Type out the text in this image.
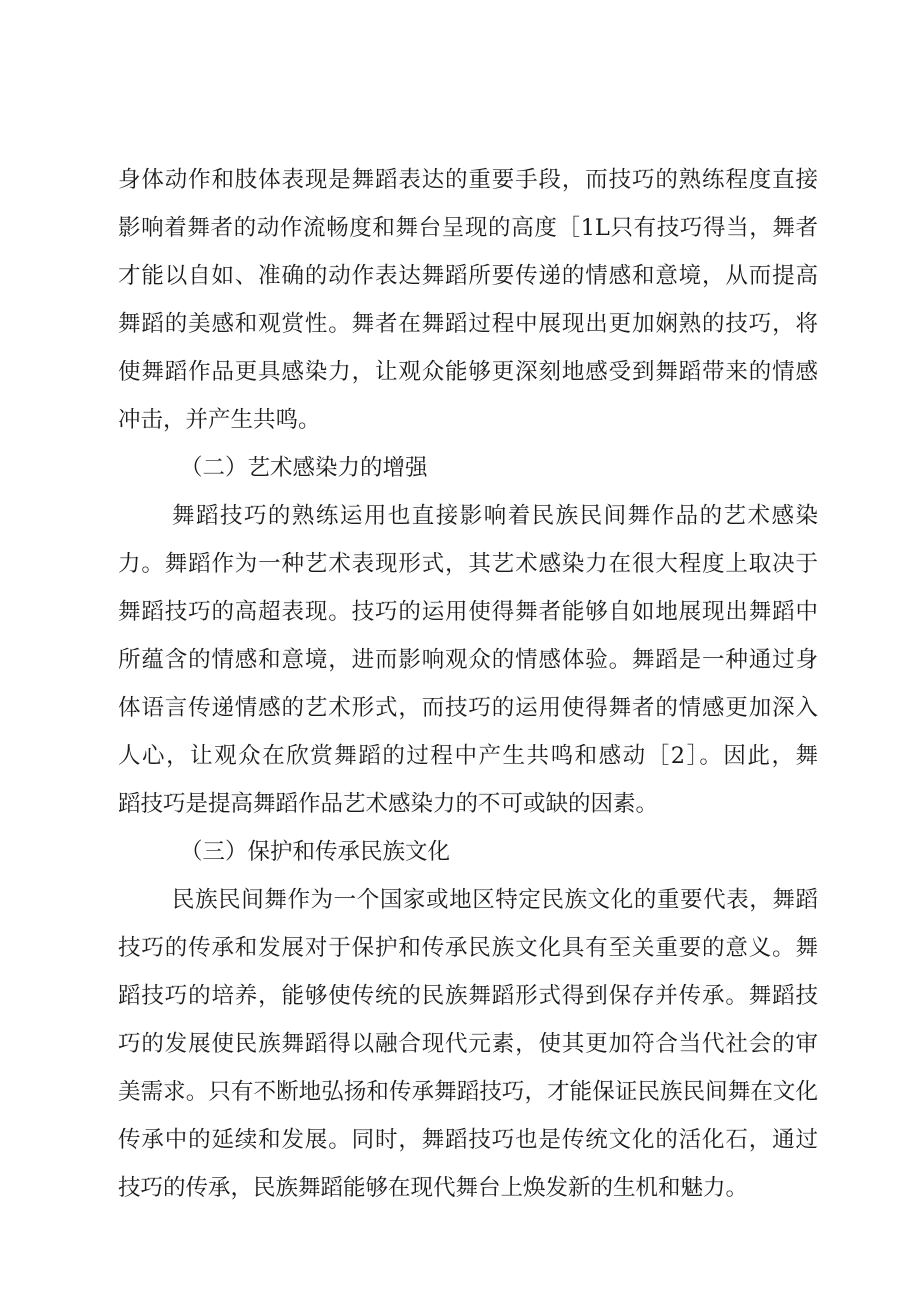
身体动作和肢体表现是舞蹈表达的重要手段，而技巧的熟练程度直接
影响着舞者的动作流畅度和舞台呈现的高度［1L只有技巧得当，舞者
才能以自如、准确的动作表达舞蹈所要传递的情感和意境，从而提高
舞蹈的美感和观赏性。舞者在舞蹈过程中展现出更加娴熟的技巧，将
使舞蹈作品更具感染力，让观众能够更深刻地感受到舞蹈带来的情感
冲击，并产生共鸣。
（二）艺术感染力的增强
舞蹈技巧的熟练运用也直接影响着民族民间舞作品的艺术感染
力。舞蹈作为一种艺术表现形式，其艺术感染力在很大程度上取决于
舞蹈技巧的高超表现。技巧的运用使得舞者能够自如地展现出舞蹈中
所蕴含的情感和意境，进而影响观众的情感体验。舞蹈是一种通过身
体语言传递情感的艺术形式，而技巧的运用使得舞者的情感更加深入
人心，让观众在欣赏舞蹈的过程中产生共鸣和感动［2］。因此，舞
蹈技巧是提高舞蹈作品艺术感染力的不可或缺的因素。
（三）保护和传承民族文化
民族民间舞作为一个国家或地区特定民族文化的重要代表，舞蹈
技巧的传承和发展对于保护和传承民族文化具有至关重要的意义。舞
蹈技巧的培养，能够使传统的民族舞蹈形式得到保存并传承。舞蹈技
巧的发展使民族舞蹈得以融合现代元素，使其更加符合当代社会的审
美需求。只有不断地弘扬和传承舞蹈技巧，才能保证民族民间舞在文化
传承中的延续和发展。同时，舞蹈技巧也是传统文化的活化石，通过
技巧的传承，民族舞蹈能够在现代舞台上焕发新的生机和魅力。
